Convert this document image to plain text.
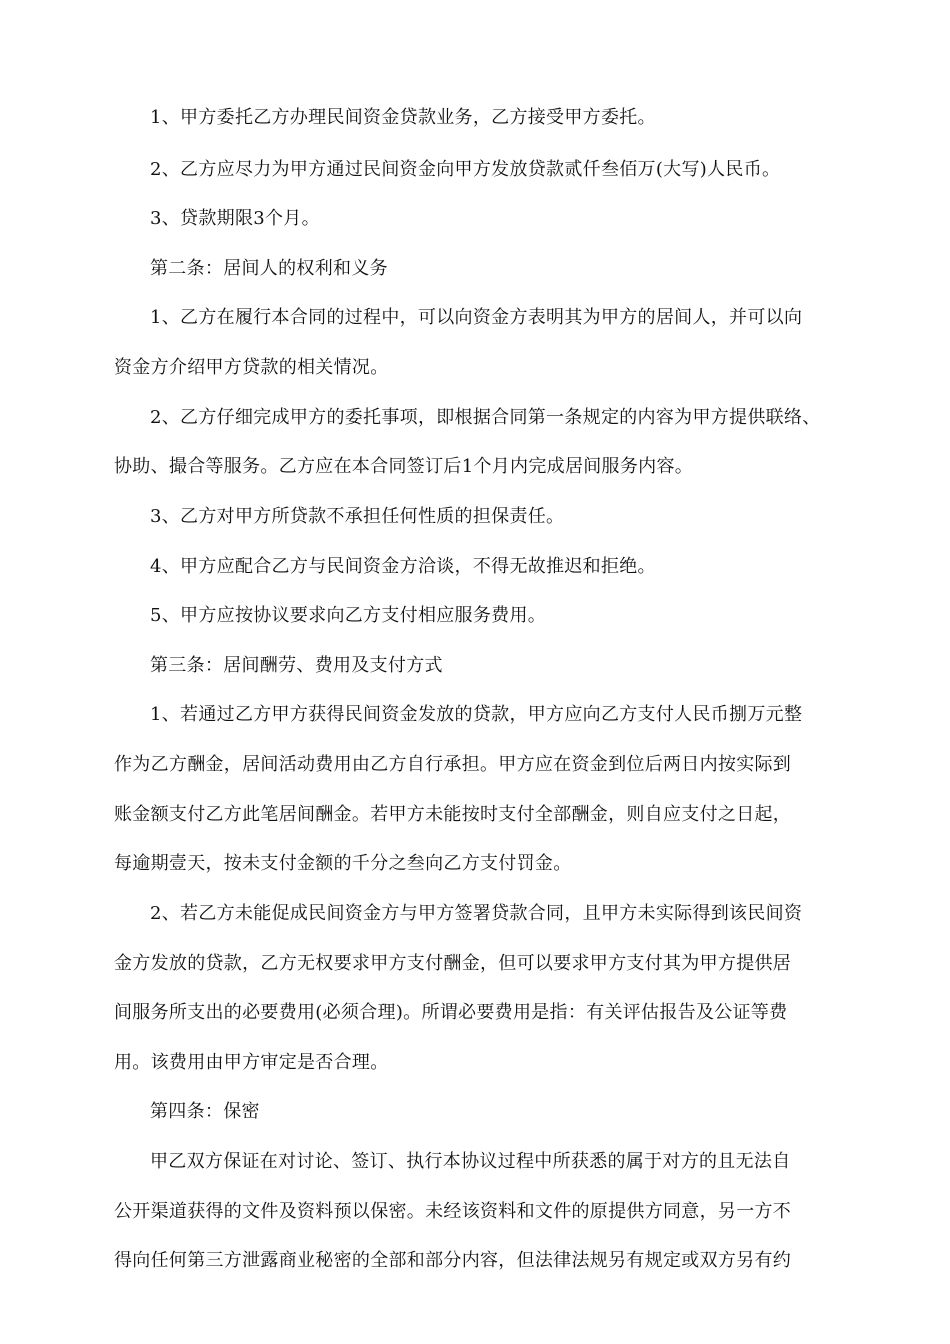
1、甲方委托乙方办理民间资金贷款业务，乙方接受甲方委托。

2、乙方应尽力为甲方通过民间资金向甲方发放贷款贰仟叁佰万(大写)人民币。

3、贷款期限3个月。

第二条：居间人的权利和义务

1、乙方在履行本合同的过程中，可以向资金方表明其为甲方的居间人，并可以向

资金方介绍甲方贷款的相关情况。

2、乙方仔细完成甲方的委托事项，即根据合同第一条规定的内容为甲方提供联络、

协助、撮合等服务。乙方应在本合同签订后1个月内完成居间服务内容。

3、乙方对甲方所贷款不承担任何性质的担保责任。

4、甲方应配合乙方与民间资金方洽谈，不得无故推迟和拒绝。

5、甲方应按协议要求向乙方支付相应服务费用。

第三条：居间酬劳、费用及支付方式

1、若通过乙方甲方获得民间资金发放的贷款，甲方应向乙方支付人民币捌万元整

作为乙方酬金，居间活动费用由乙方自行承担。甲方应在资金到位后两日内按实际到

账金额支付乙方此笔居间酬金。若甲方未能按时支付全部酬金，则自应支付之日起，

每逾期壹天，按未支付金额的千分之叁向乙方支付罚金。

2、若乙方未能促成民间资金方与甲方签署贷款合同，且甲方未实际得到该民间资

金方发放的贷款，乙方无权要求甲方支付酬金，但可以要求甲方支付其为甲方提供居

间服务所支出的必要费用(必须合理)。所谓必要费用是指：有关评估报告及公证等费

用。该费用由甲方审定是否合理。

第四条：保密

甲乙双方保证在对讨论、签订、执行本协议过程中所获悉的属于对方的且无法自

公开渠道获得的文件及资料预以保密。未经该资料和文件的原提供方同意，另一方不

得向任何第三方泄露商业秘密的全部和部分内容，但法律法规另有规定或双方另有约
